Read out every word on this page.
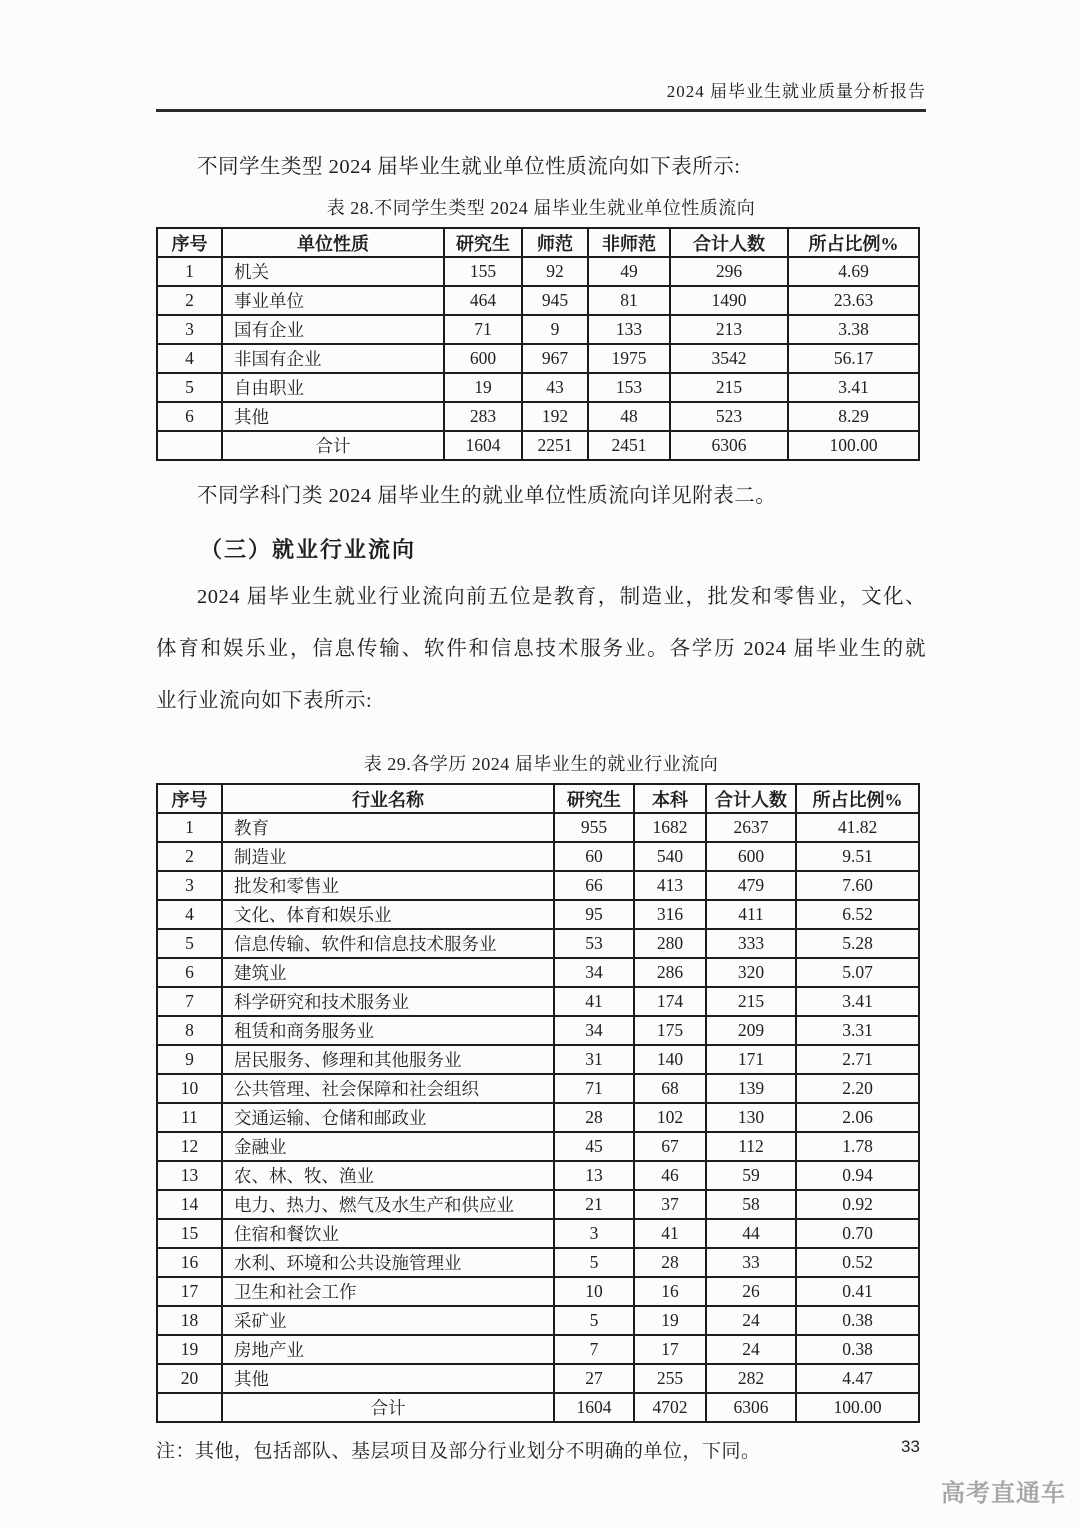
2024 届毕业生就业质量分析报告
不同学生类型 2024 届毕业生就业单位性质流向如下表所示:
表 28.不同学生类型 2024 届毕业生就业单位性质流向
序号	单位性质	研究生	师范	非师范	合计人数	所占比例%
1	机关	155	92	49	296	4.69
2	事业单位	464	945	81	1490	23.63
3	国有企业	71	9	133	213	3.38
4	非国有企业	600	967	1975	3542	56.17
5	自由职业	19	43	153	215	3.41
6	其他	283	192	48	523	8.29
	合计	1604	2251	2451	6306	100.00
不同学科门类 2024 届毕业生的就业单位性质流向详见附表二。
（三）就业行业流向
2024 届毕业生就业行业流向前五位是教育，制造业，批发和零售业，文化、
体育和娱乐业，信息传输、软件和信息技术服务业。各学历 2024 届毕业生的就
业行业流向如下表所示:
表 29.各学历 2024 届毕业生的就业行业流向
序号	行业名称	研究生	本科	合计人数	所占比例%
1	教育	955	1682	2637	41.82
2	制造业	60	540	600	9.51
3	批发和零售业	66	413	479	7.60
4	文化、体育和娱乐业	95	316	411	6.52
5	信息传输、软件和信息技术服务业	53	280	333	5.28
6	建筑业	34	286	320	5.07
7	科学研究和技术服务业	41	174	215	3.41
8	租赁和商务服务业	34	175	209	3.31
9	居民服务、修理和其他服务业	31	140	171	2.71
10	公共管理、社会保障和社会组织	71	68	139	2.20
11	交通运输、仓储和邮政业	28	102	130	2.06
12	金融业	45	67	112	1.78
13	农、林、牧、渔业	13	46	59	0.94
14	电力、热力、燃气及水生产和供应业	21	37	58	0.92
15	住宿和餐饮业	3	41	44	0.70
16	水利、环境和公共设施管理业	5	28	33	0.52
17	卫生和社会工作	10	16	26	0.41
18	采矿业	5	19	24	0.38
19	房地产业	7	17	24	0.38
20	其他	27	255	282	4.47
	合计	1604	4702	6306	100.00
注：其他，包括部队、基层项目及部分行业划分不明确的单位，下同。	33
高考直通车
